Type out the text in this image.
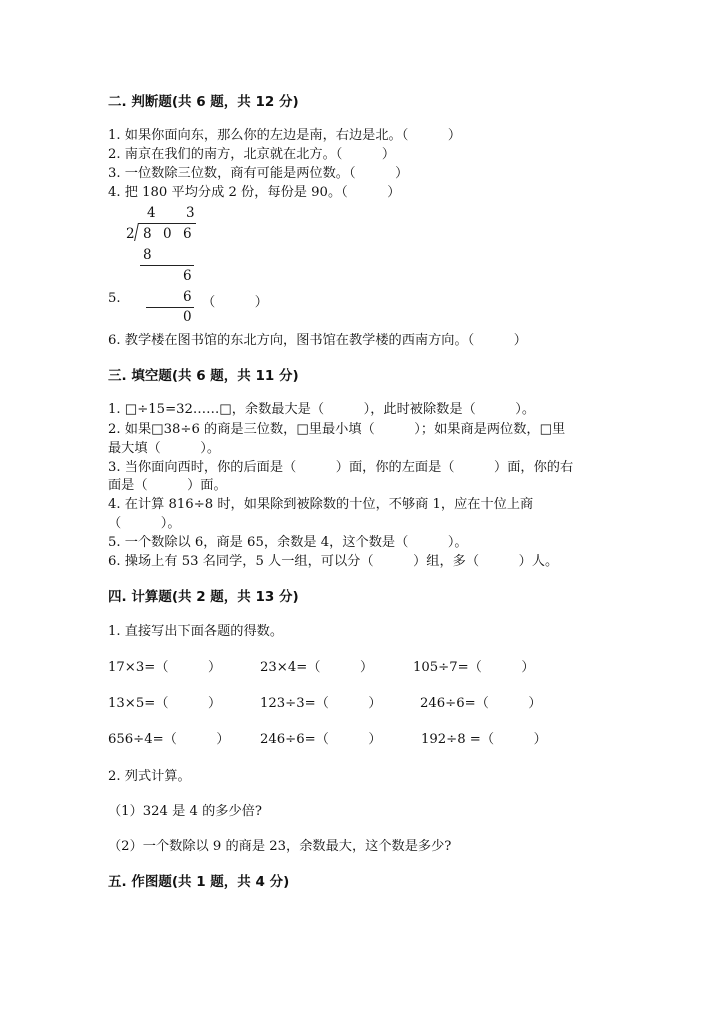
二. 判断题(共 6 题，共 12 分)
1. 如果你面向东，那么你的左边是南，右边是北。（　　　）
2. 南京在我们的南方，北京就在北方。（　　　）
3. 一位数除三位数，商有可能是两位数。（　　　）
4. 把 180 平均分成 2 份，每份是 90。（　　　）
4 3
2 8 0 6
8
6
6
0
5.	（　　　）
6. 教学楼在图书馆的东北方向，图书馆在教学楼的西南方向。（　　　）
三. 填空题(共 6 题，共 11 分)
1. □÷15=32……□，余数最大是（　　　），此时被除数是（　　　）。
2. 如果□38÷6 的商是三位数，□里最小填（　　　）；如果商是两位数，□里
最大填（　　　）。
3. 当你面向西时，你的后面是（　　　）面，你的左面是（　　　）面，你的右
面是（　　　）面。
4. 在计算 816÷8 时，如果除到被除数的十位，不够商 1，应在十位上商
（　　　）。
5. 一个数除以 6，商是 65，余数是 4，这个数是（　　　）。
6. 操场上有 53 名同学，5 人一组，可以分（　　　）组，多（　　　）人。
四. 计算题(共 2 题，共 13 分)
1. 直接写出下面各题的得数。
17×3=（　　　）	23×4=（　　　）	105÷7=（　　　）
13×5=（　　　）	123÷3=（　　　）	246÷6=（　　　）
656÷4=（　　　） 246÷6=（　　　）	192÷8 =（　　　）
2. 列式计算。
（1）324 是 4 的多少倍?
（2）一个数除以 9 的商是 23，余数最大，这个数是多少?
五. 作图题(共 1 题，共 4 分)
